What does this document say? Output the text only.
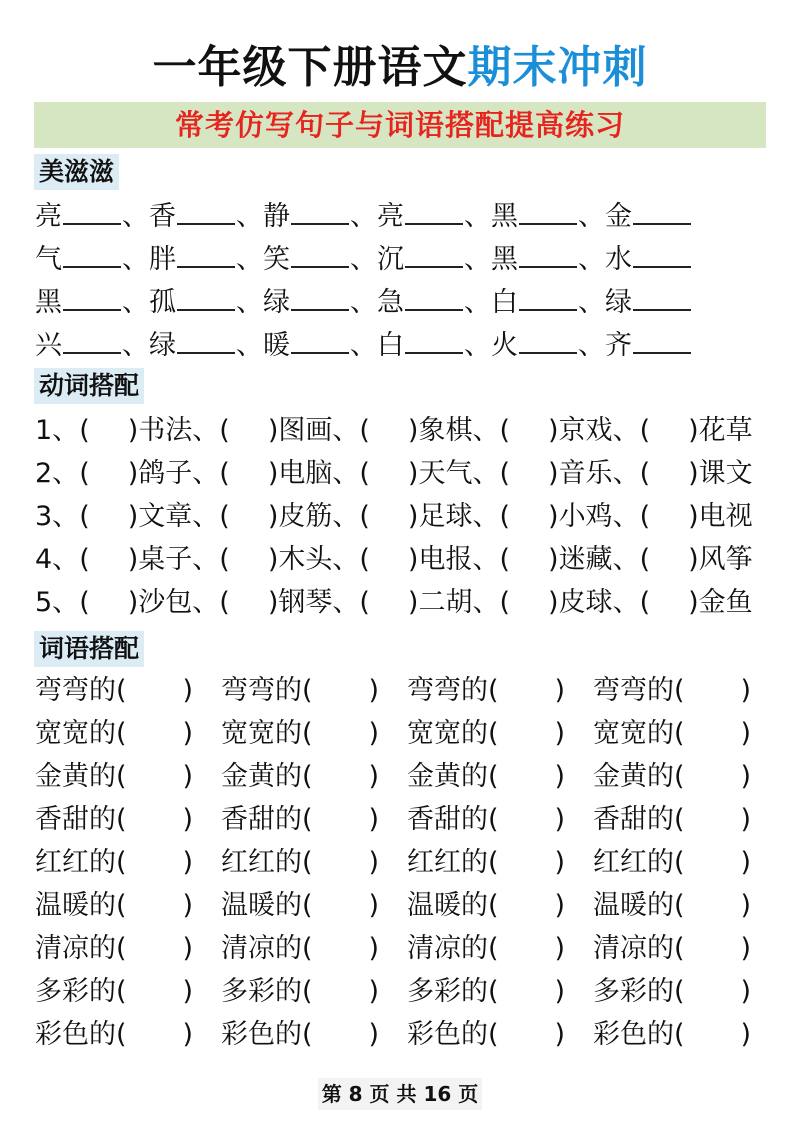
一年级下册语文期末冲刺
常考仿写句子与词语搭配提高练习
美滋滋
亮 、香 、静 、亮 、黑 、金
气 、胖 、笑 、沉 、黑 、水
黑 、孤 、绿 、急 、白 、绿
兴 、绿 、暖 、白 、火 、齐
动词搭配
1、( )书法、( )图画、( )象棋、( )京戏、( )花草
2、( )鸽子、( )电脑、( )天气、( )音乐、( )课文
3、( )文章、( )皮筋、( )足球、( )小鸡、( )电视
4、( )桌子、( )木头、( )电报、( )迷藏、( )风筝
5、( )沙包、( )钢琴、( )二胡、( )皮球、( )金鱼
词语搭配
弯弯的( ) 弯弯的( ) 弯弯的( ) 弯弯的( )
宽宽的( ) 宽宽的( ) 宽宽的( ) 宽宽的( )
金黄的( ) 金黄的( ) 金黄的( ) 金黄的( )
香甜的( ) 香甜的( ) 香甜的( ) 香甜的( )
红红的( ) 红红的( ) 红红的( ) 红红的( )
温暖的( ) 温暖的( ) 温暖的( ) 温暖的( )
清凉的( ) 清凉的( ) 清凉的( ) 清凉的( )
多彩的( ) 多彩的( ) 多彩的( ) 多彩的( )
彩色的( ) 彩色的( ) 彩色的( ) 彩色的( )
第 8 页 共 16 页
